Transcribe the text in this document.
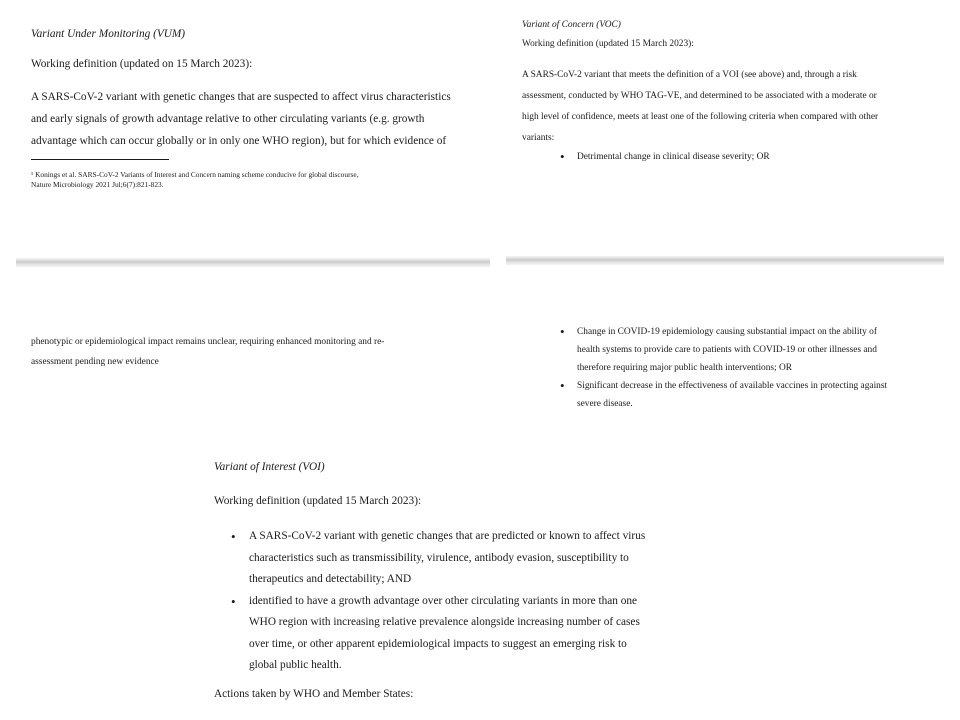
Variant Under Monitoring (VUM)
Working definition (updated on 15 March 2023):
A SARS-CoV-2 variant with genetic changes that are suspected to affect virus characteristics
and early signals of growth advantage relative to other circulating variants (e.g. growth
advantage which can occur globally or in only one WHO region), but for which evidence of
¹ Konings et al. SARS-CoV-2 Variants of Interest and Concern naming scheme conducive for global discourse,
Nature Microbiology 2021 Jul;6(7):821-823.
Variant of Concern (VOC)
Working definition (updated 15 March 2023):
A SARS-CoV-2 variant that meets the definition of a VOI (see above) and, through a risk
assessment, conducted by WHO TAG-VE, and determined to be associated with a moderate or
high level of confidence, meets at least one of the following criteria when compared with other
variants:
• Detrimental change in clinical disease severity; OR
phenotypic or epidemiological impact remains unclear, requiring enhanced monitoring and re-
assessment pending new evidence
• Change in COVID-19 epidemiology causing substantial impact on the ability of
health systems to provide care to patients with COVID-19 or other illnesses and
therefore requiring major public health interventions; OR
• Significant decrease in the effectiveness of available vaccines in protecting against
severe disease.
Variant of Interest (VOI)
Working definition (updated 15 March 2023):
• A SARS-CoV-2 variant with genetic changes that are predicted or known to affect virus
characteristics such as transmissibility, virulence, antibody evasion, susceptibility to
therapeutics and detectability; AND
• identified to have a growth advantage over other circulating variants in more than one
WHO region with increasing relative prevalence alongside increasing number of cases
over time, or other apparent epidemiological impacts to suggest an emerging risk to
global public health.
Actions taken by WHO and Member States:
